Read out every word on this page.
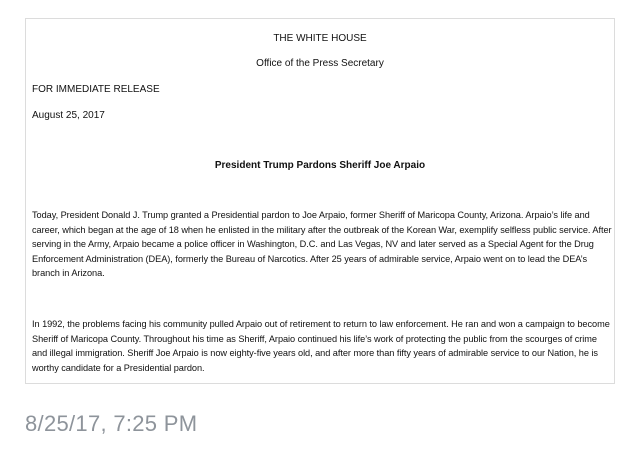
THE WHITE HOUSE
Office of the Press Secretary
FOR IMMEDIATE RELEASE
August 25, 2017
President Trump Pardons Sheriff Joe Arpaio

Today, President Donald J. Trump granted a Presidential pardon to Joe Arpaio, former Sheriff of Maricopa County, Arizona. Arpaio’s life and career, which began at the age of 18 when he enlisted in the military after the outbreak of the Korean War, exemplify selfless public service. After serving in the Army, Arpaio became a police officer in Washington, D.C. and Las Vegas, NV and later served as a Special Agent for the Drug Enforcement Administration (DEA), formerly the Bureau of Narcotics. After 25 years of admirable service, Arpaio went on to lead the DEA’s branch in Arizona.

In 1992, the problems facing his community pulled Arpaio out of retirement to return to law enforcement. He ran and won a campaign to become Sheriff of Maricopa County. Throughout his time as Sheriff, Arpaio continued his life’s work of protecting the public from the scourges of crime and illegal immigration. Sheriff Joe Arpaio is now eighty-five years old, and after more than fifty years of admirable service to our Nation, he is worthy candidate for a Presidential pardon.

8/25/17, 7:25 PM
